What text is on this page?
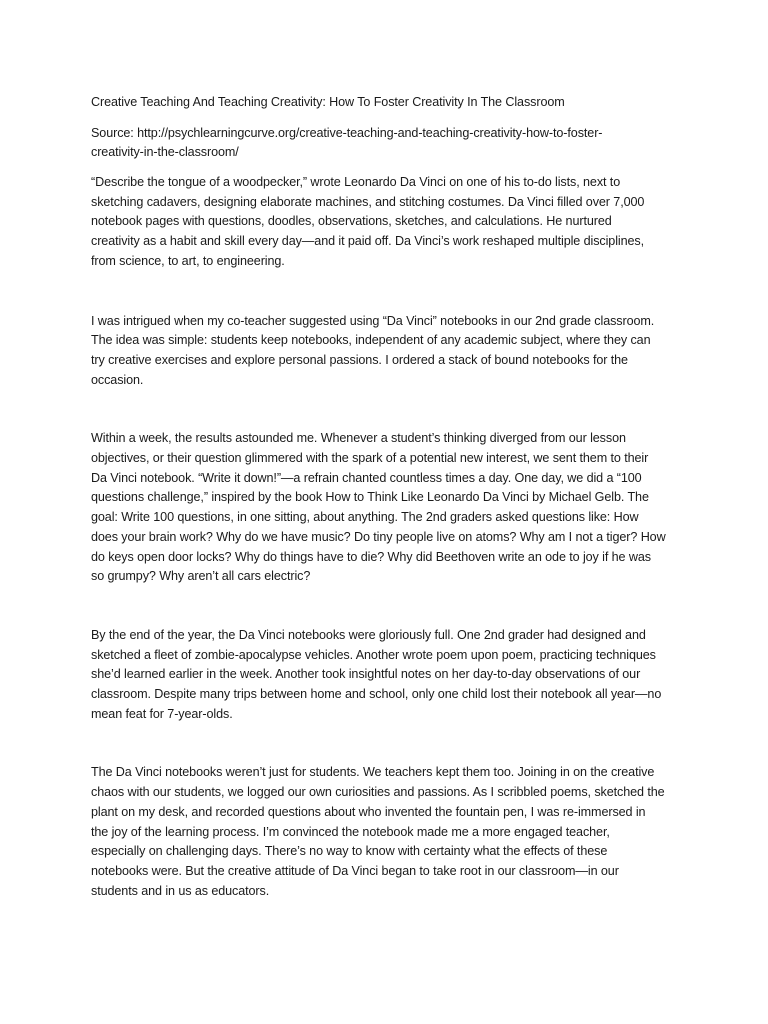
Creative Teaching And Teaching Creativity: How To Foster Creativity In The Classroom
Source: http://psychlearningcurve.org/creative-teaching-and-teaching-creativity-how-to-foster-
creativity-in-the-classroom/
“Describe the tongue of a woodpecker,” wrote Leonardo Da Vinci on one of his to-do lists, next to
sketching cadavers, designing elaborate machines, and stitching costumes. Da Vinci filled over 7,000
notebook pages with questions, doodles, observations, sketches, and calculations. He nurtured
creativity as a habit and skill every day—and it paid off. Da Vinci’s work reshaped multiple disciplines,
from science, to art, to engineering.
I was intrigued when my co-teacher suggested using “Da Vinci” notebooks in our 2nd grade classroom.
The idea was simple: students keep notebooks, independent of any academic subject, where they can
try creative exercises and explore personal passions. I ordered a stack of bound notebooks for the
occasion.
Within a week, the results astounded me. Whenever a student’s thinking diverged from our lesson
objectives, or their question glimmered with the spark of a potential new interest, we sent them to their
Da Vinci notebook. “Write it down!”—a refrain chanted countless times a day. One day, we did a “100
questions challenge,” inspired by the book How to Think Like Leonardo Da Vinci by Michael Gelb. The
goal: Write 100 questions, in one sitting, about anything. The 2nd graders asked questions like: How
does your brain work? Why do we have music? Do tiny people live on atoms? Why am I not a tiger? How
do keys open door locks? Why do things have to die? Why did Beethoven write an ode to joy if he was
so grumpy? Why aren’t all cars electric?
By the end of the year, the Da Vinci notebooks were gloriously full. One 2nd grader had designed and
sketched a fleet of zombie-apocalypse vehicles. Another wrote poem upon poem, practicing techniques
she’d learned earlier in the week. Another took insightful notes on her day-to-day observations of our
classroom. Despite many trips between home and school, only one child lost their notebook all year—no
mean feat for 7-year-olds.
The Da Vinci notebooks weren’t just for students. We teachers kept them too. Joining in on the creative
chaos with our students, we logged our own curiosities and passions. As I scribbled poems, sketched the
plant on my desk, and recorded questions about who invented the fountain pen, I was re-immersed in
the joy of the learning process. I’m convinced the notebook made me a more engaged teacher,
especially on challenging days. There’s no way to know with certainty what the effects of these
notebooks were. But the creative attitude of Da Vinci began to take root in our classroom—in our
students and in us as educators.
